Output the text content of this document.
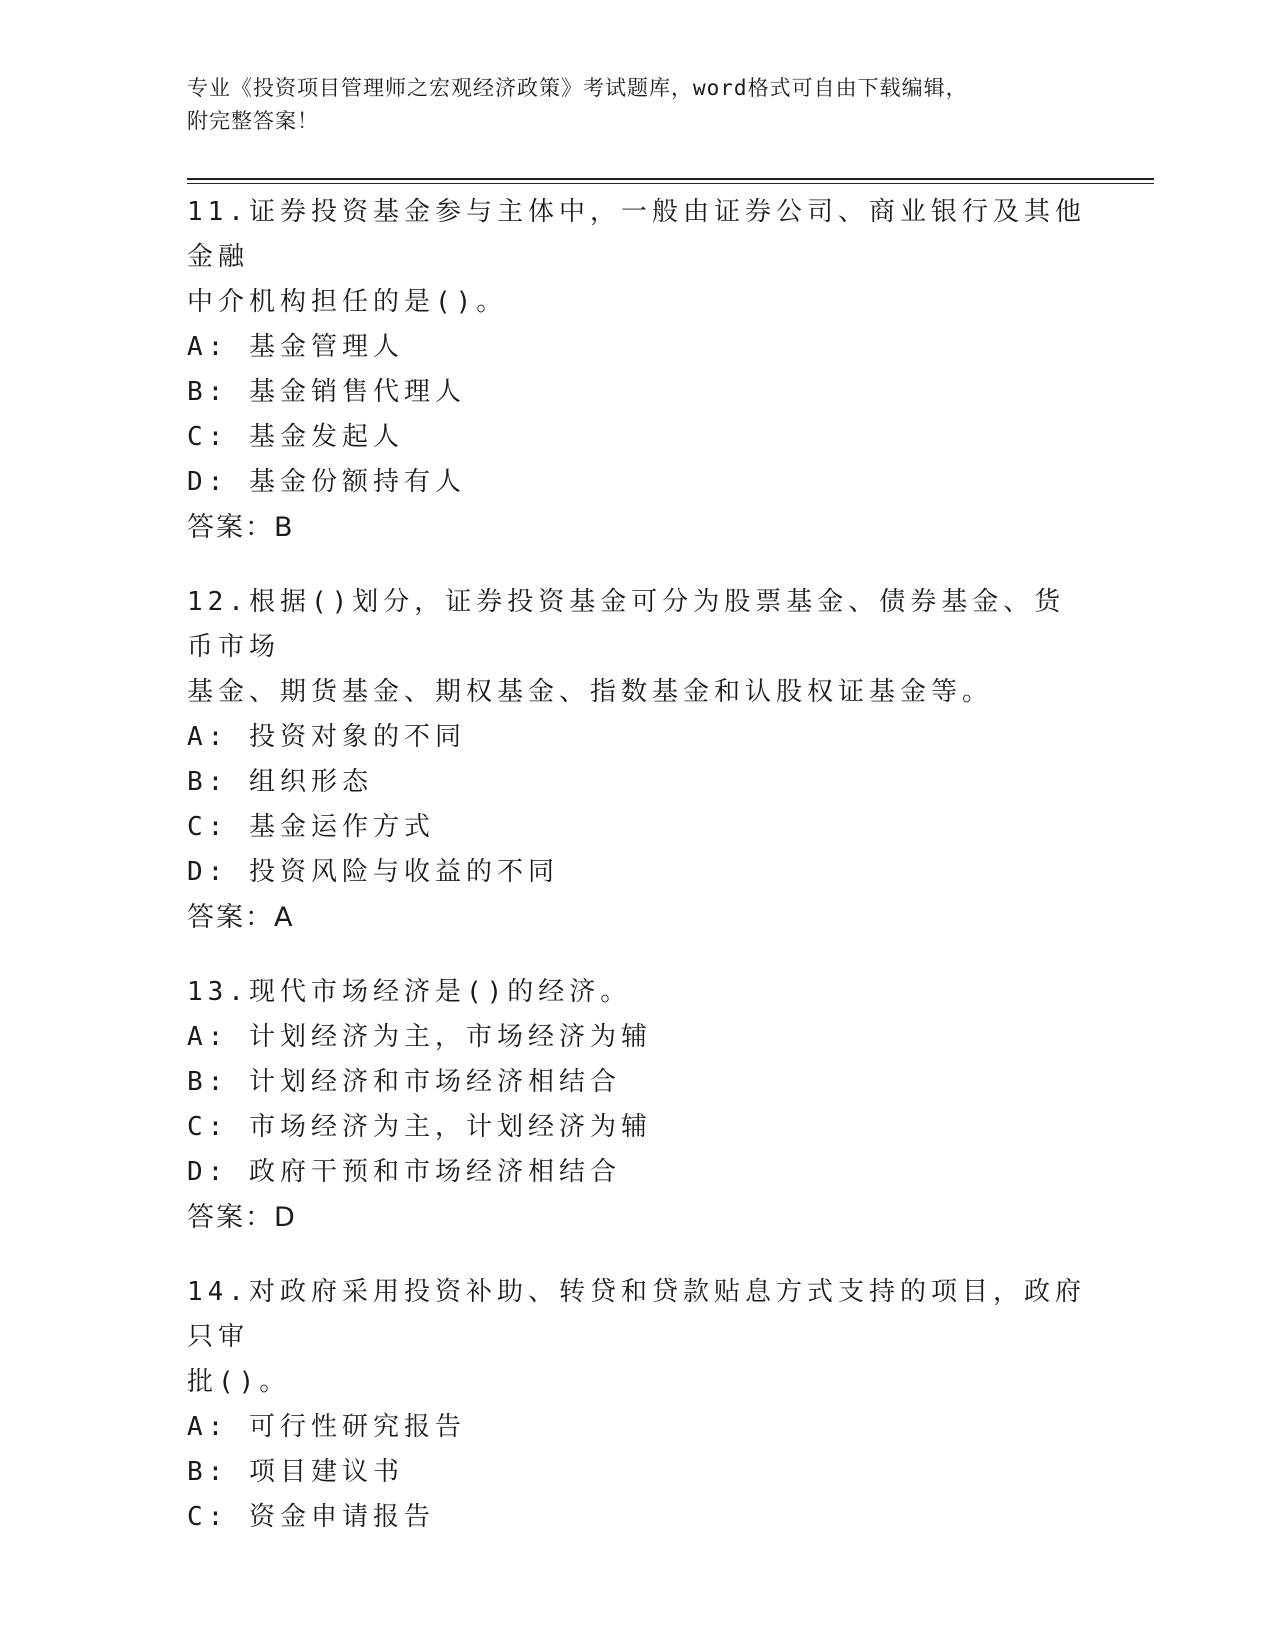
专业《投资项目管理师之宏观经济政策》考试题库，word格式可自由下载编辑，
附完整答案！

11.证券投资基金参与主体中，一般由证券公司、商业银行及其他金融

中介机构担任的是()。

A: 基金管理人

B: 基金销售代理人

C: 基金发起人

D: 基金份额持有人

答案：B

12.根据()划分，证券投资基金可分为股票基金、债券基金、货币市场

基金、期货基金、期权基金、指数基金和认股权证基金等。

A: 投资对象的不同

B: 组织形态

C: 基金运作方式

D: 投资风险与收益的不同

答案：A

13.现代市场经济是()的经济。

A: 计划经济为主，市场经济为辅

B: 计划经济和市场经济相结合

C: 市场经济为主，计划经济为辅

D: 政府干预和市场经济相结合

答案：D

14.对政府采用投资补助、转贷和贷款贴息方式支持的项目，政府只审

批()。

A: 可行性研究报告

B: 项目建议书

C: 资金申请报告
